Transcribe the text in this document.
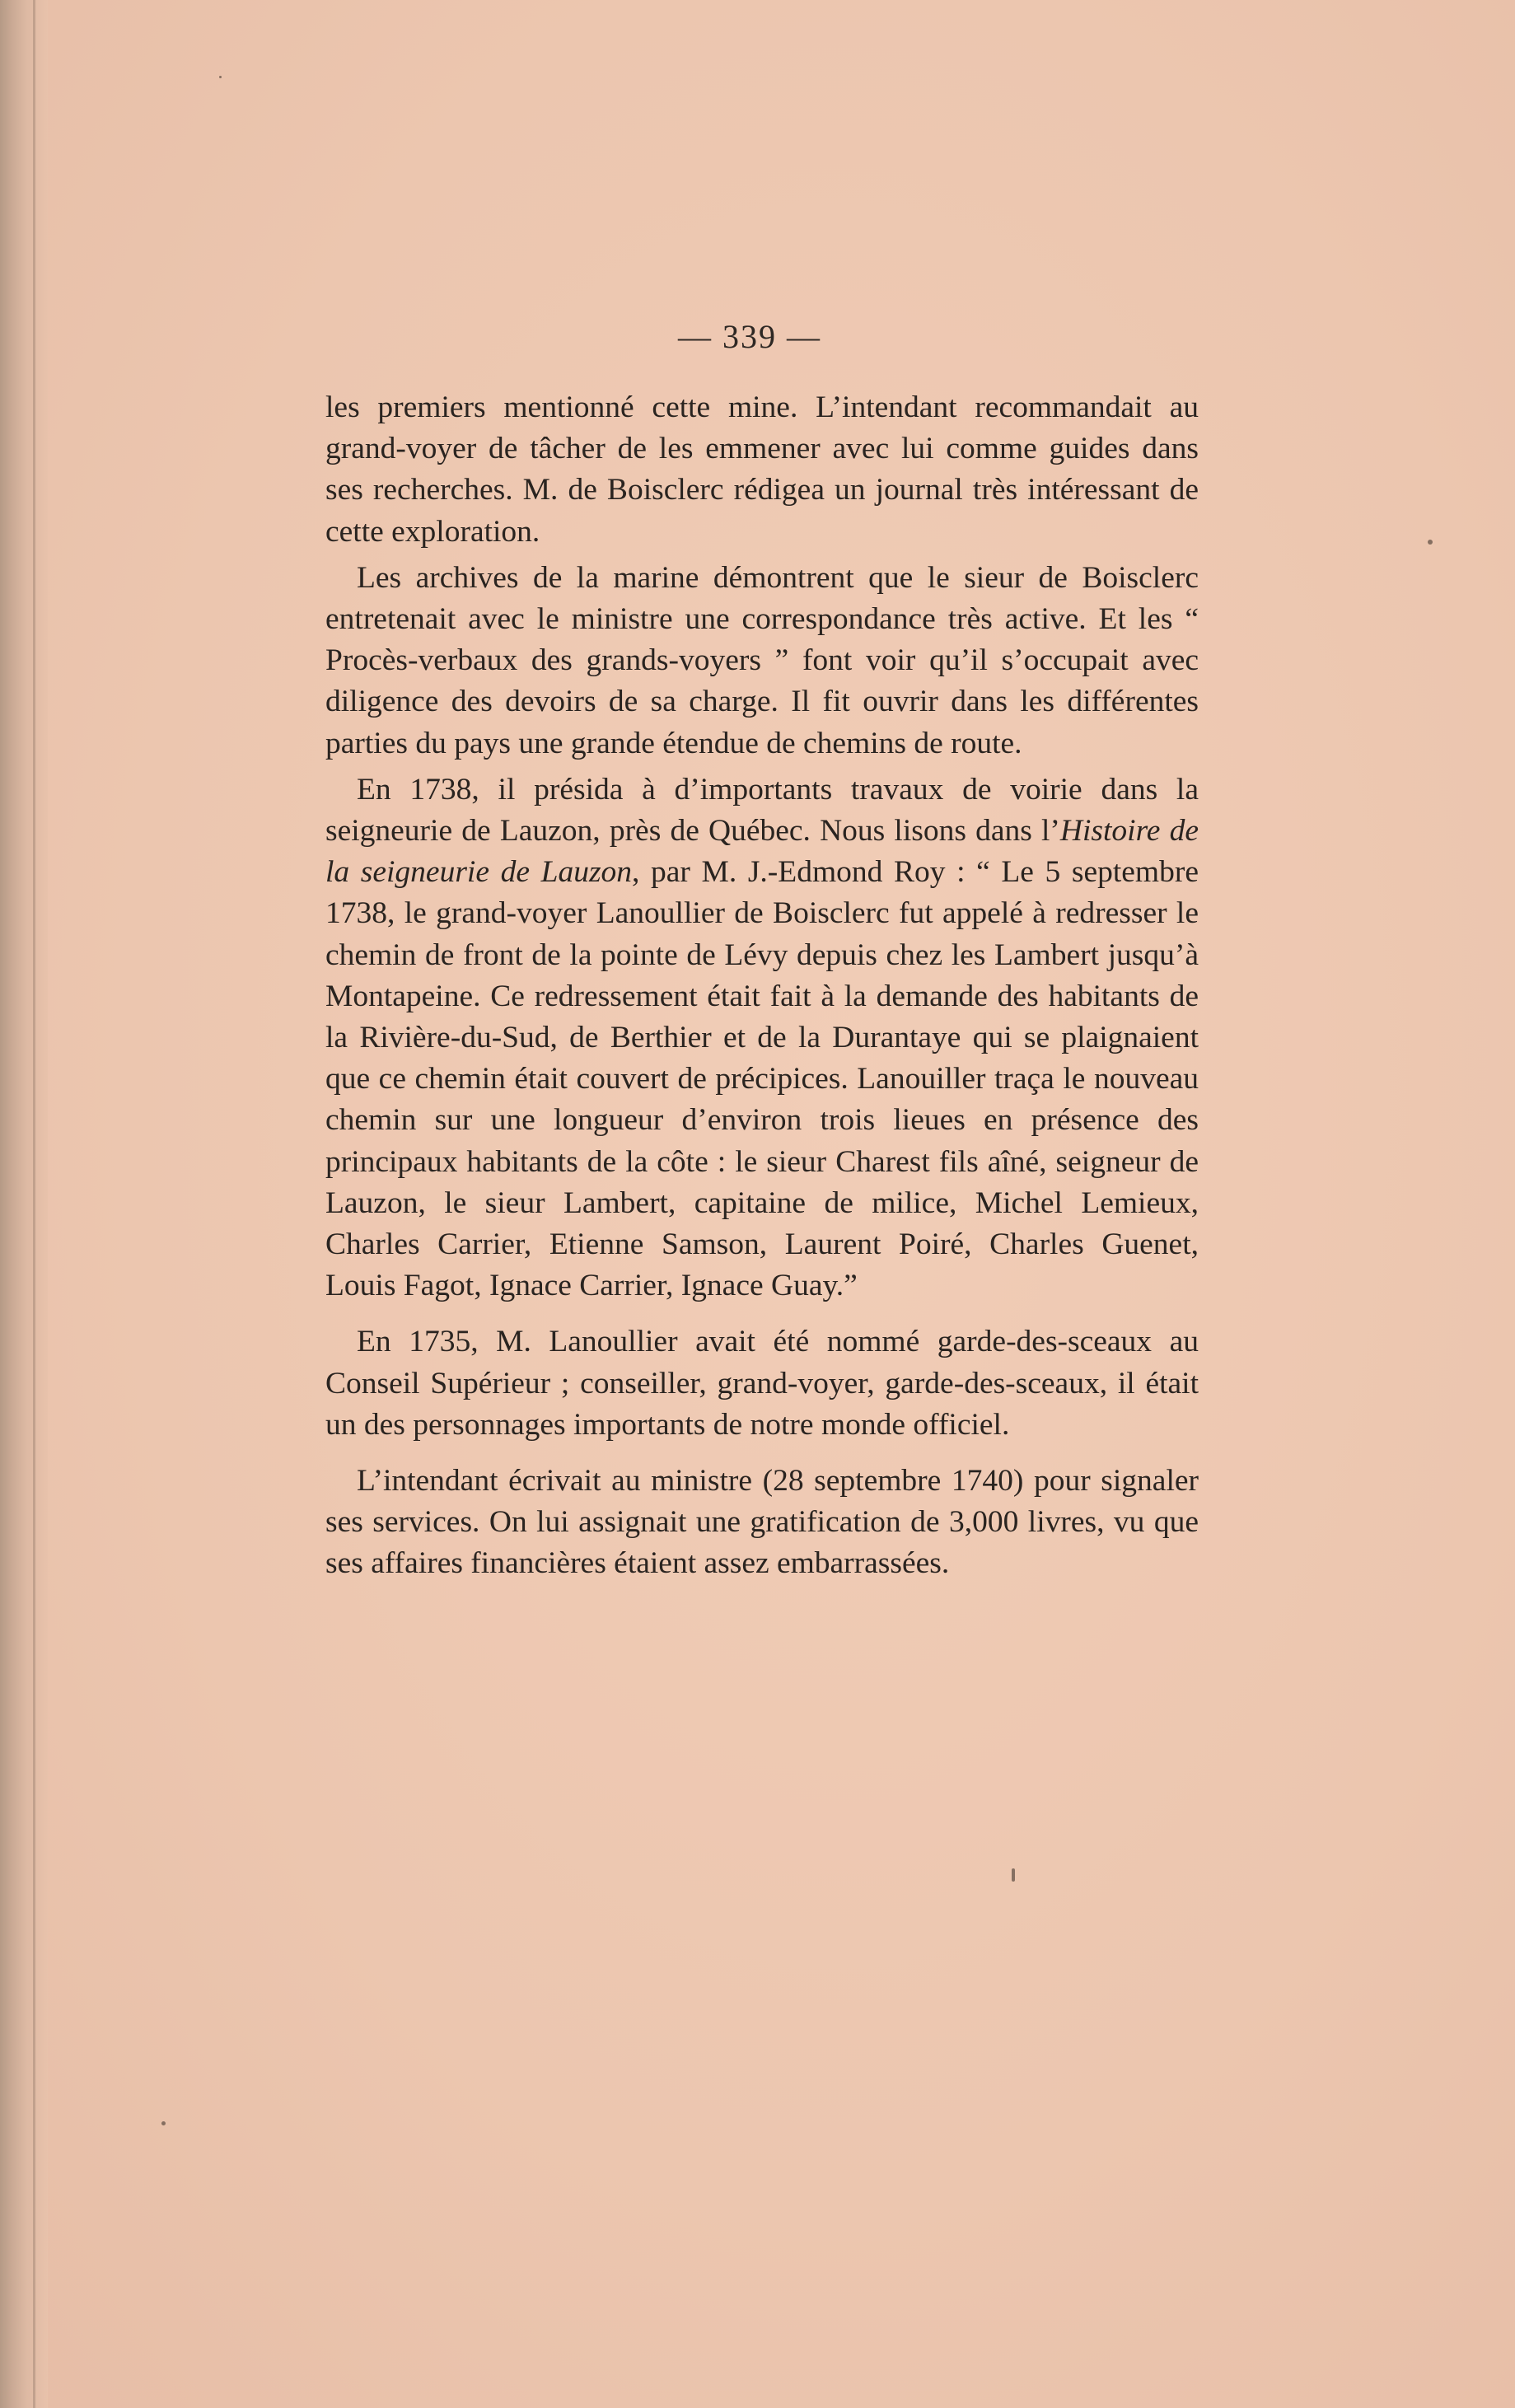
— 339 —

les premiers mentionné cette mine. L’intendant recommandait au grand-voyer de tâcher de les emmener avec lui comme guides dans ses recherches. M. de Boisclerc rédigea un journal très intéressant de cette exploration.

Les archives de la marine démontrent que le sieur de Boisclerc entretenait avec le ministre une correspondance très active. Et les “ Procès-verbaux des grands-voyers ” font voir qu’il s’occupait avec diligence des devoirs de sa charge. Il fit ouvrir dans les différentes parties du pays une grande étendue de chemins de route.

En 1738, il présida à d’importants travaux de voirie dans la seigneurie de Lauzon, près de Québec. Nous lisons dans l’Histoire de la seigneurie de Lauzon, par M. J.-Edmond Roy : “ Le 5 septembre 1738, le grand-voyer Lanoullier de Boisclerc fut appelé à redresser le chemin de front de la pointe de Lévy depuis chez les Lambert jusqu’à Montapeine. Ce redressement était fait à la demande des habitants de la Rivière-du-Sud, de Berthier et de la Durantaye qui se plaignaient que ce chemin était couvert de précipices. Lanouiller traça le nouveau chemin sur une longueur d’environ trois lieues en présence des principaux habitants de la côte : le sieur Charest fils aîné, seigneur de Lauzon, le sieur Lambert, capitaine de milice, Michel Lemieux, Charles Carrier, Etienne Samson, Laurent Poiré, Charles Guenet, Louis Fagot, Ignace Carrier, Ignace Guay.”

En 1735, M. Lanoullier avait été nommé garde-des-sceaux au Conseil Supérieur ; conseiller, grand-voyer, garde-des-sceaux, il était un des personnages importants de notre monde officiel.

L’intendant écrivait au ministre (28 septembre 1740) pour signaler ses services. On lui assignait une gratification de 3,000 livres, vu que ses affaires financières étaient assez embarrassées.
